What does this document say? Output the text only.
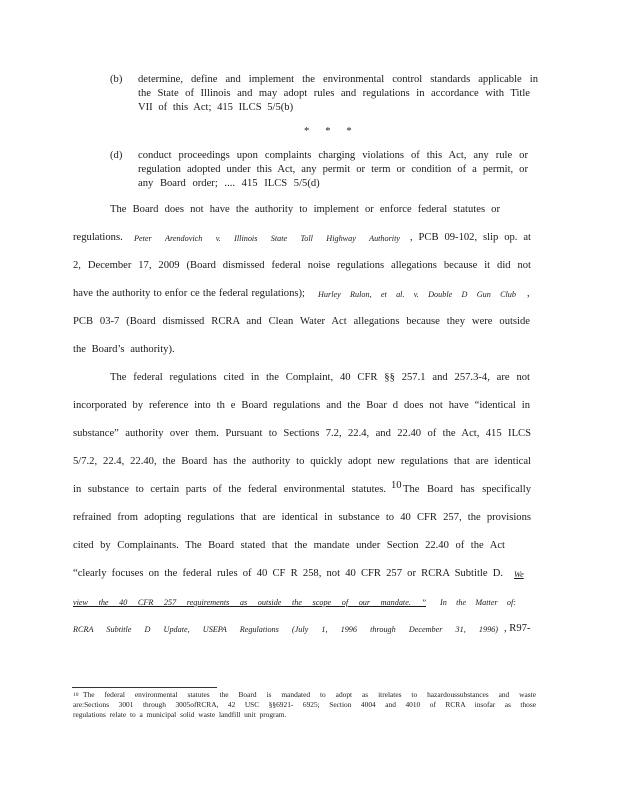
(b) determine, define and implement the environmental control standards applicable in
the State of Illinois and may adopt rules and regulations in accordance with Title
VII of this Act; 415 ILCS 5/5(b)
*      *      *
(d) conduct proceedings upon complaints charging violations of this Act, any rule or
regulation adopted under this Act, any permit or term or condition of a permit, or
any Board order; .... 415 ILCS 5/5(d)
The Board does not have the authority to implement or enforce federal statutes or
regulations. Peter Arendovich v. Illinois State Toll Highway Authority , PCB 09-102, slip op. at
2, December 17, 2009 (Board dismissed federal noise regulations allegations because it did not
have the authority to enfor ce the federal regulations); Hurley Rulon, et al. v. Double D Gun Club ,
PCB 03-7 (Board dismissed RCRA and Clean Water Act allegations because they were outside
the Board’s authority).
The federal regulations cited in the Complaint, 40 CFR §§ 257.1 and 257.3-4, are not
incorporated by reference into th e Board regulations and the Boar d does not have “identical in
substance” authority over them. Pursuant to Sections 7.2, 22.4, and 22.40 of the Act, 415 ILCS
5/7.2, 22.4, 22.40, the Board has the authority to quickly adopt new regulations that are identical
in substance to certain parts of the federal environmental statutes. 10 The Board has specifically
refrained from adopting regulations that are identical in substance to 40 CFR 257, the provisions
cited by Complainants. The Board stated that the mandate under Section 22.40 of the Act
“clearly focuses on the federal rules of 40 CF R 258, not 40 CFR 257 or RCRA Subtitle D. We
view the 40 CFR 257 requirements as outside the scope of our mandate. ” In the Matter of:
RCRA Subtitle D Update, USEPA Regulations (July 1, 1996 through December 31, 1996) , R97-
10 The federal environmental statutes the Board is mandated to adopt as itrelates to hazardoussubstances and waste
are:Sections 3001 through 3005ofRCRA, 42 USC §§6921- 6925; Section 4004 and 4010 of RCRA insofar as those
regulations relate to a municipal solid waste landfill unit program.
